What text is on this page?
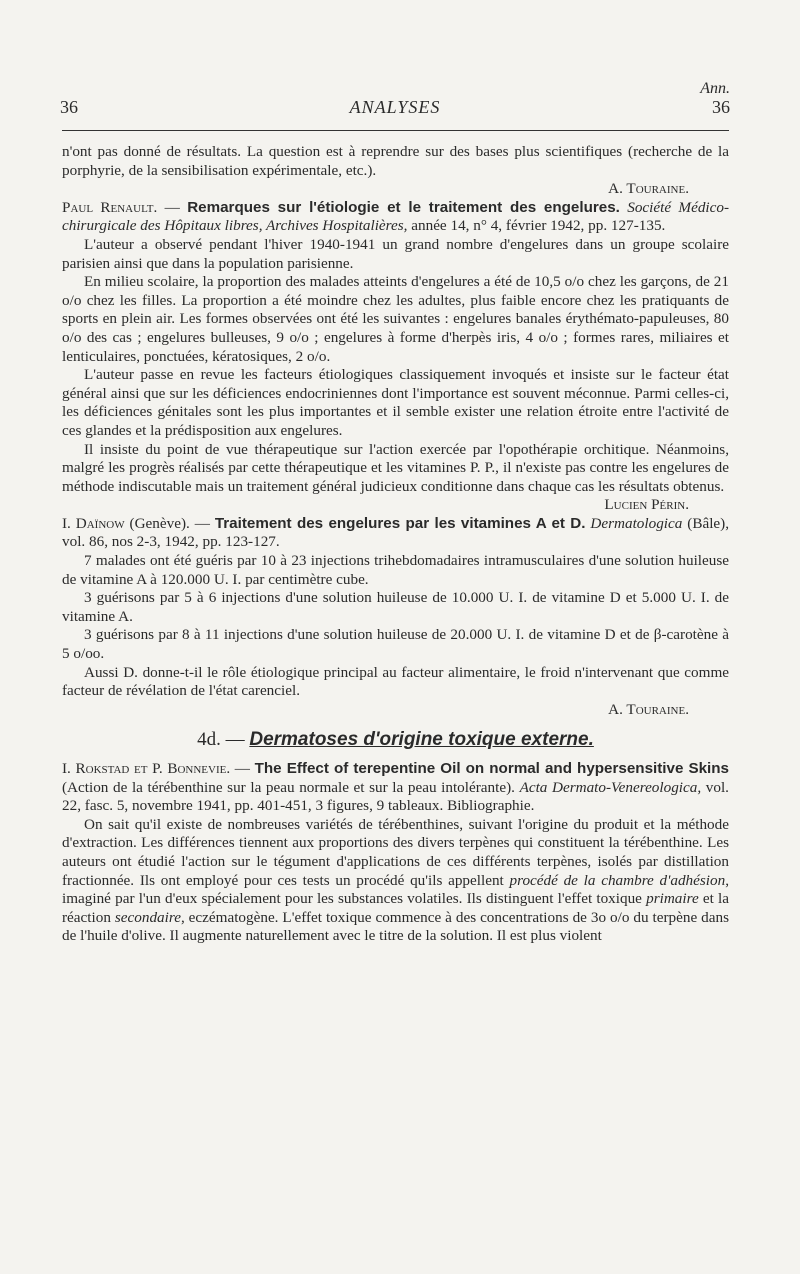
Ann.
36	ANALYSES	36

n'ont pas donné de résultats. La question est à reprendre sur des bases plus scientifiques (recherche de la porphyrie, de la sensibilisation expérimentale, etc.).

A. Touraine.

Paul Renault. — Remarques sur l'étiologie et le traitement des engelures. Société Médico-chirurgicale des Hôpitaux libres, Archives Hospitalières, année 14, n° 4, février 1942, pp. 127-135.

L'auteur a observé pendant l'hiver 1940-1941 un grand nombre d'engelures dans un groupe scolaire parisien ainsi que dans la population parisienne.

En milieu scolaire, la proportion des malades atteints d'engelures a été de 10,5 o/o chez les garçons, de 21 o/o chez les filles. La proportion a été moindre chez les adultes, plus faible encore chez les pratiquants de sports en plein air. Les formes observées ont été les suivantes : engelures banales érythémato-papuleuses, 80 o/o des cas ; engelures bulleuses, 9 o/o ; engelures à forme d'herpès iris, 4 o/o ; formes rares, miliaires et lenticulaires, ponctuées, kératosiques, 2 o/o.

L'auteur passe en revue les facteurs étiologiques classiquement invoqués et insiste sur le facteur état général ainsi que sur les déficiences endocriniennes dont l'importance est souvent méconnue. Parmi celles-ci, les déficiences génitales sont les plus importantes et il semble exister une relation étroite entre l'activité de ces glandes et la prédisposition aux engelures.

Il insiste du point de vue thérapeutique sur l'action exercée par l'opothérapie orchitique. Néanmoins, malgré les progrès réalisés par cette thérapeutique et les vitamines P. P., il n'existe pas contre les engelures de méthode indiscutable mais un traitement général judicieux conditionne dans chaque cas les résultats obtenus.

Lucien Périn.

I. Daïnow (Genève). — Traitement des engelures par les vitamines A et D. Dermatologica (Bâle), vol. 86, nos 2-3, 1942, pp. 123-127.

7 malades ont été guéris par 10 à 23 injections trihebdomadaires intramusculaires d'une solution huileuse de vitamine A à 120.000 U. I. par centimètre cube.

3 guérisons par 5 à 6 injections d'une solution huileuse de 10.000 U. I. de vitamine D et 5.000 U. I. de vitamine A.

3 guérisons par 8 à 11 injections d'une solution huileuse de 20.000 U. I. de vitamine D et de β-carotène à 5 o/oo.

Aussi D. donne-t-il le rôle étiologique principal au facteur alimentaire, le froid n'intervenant que comme facteur de révélation de l'état carenciel.

A. Touraine.

4d. — Dermatoses d'origine toxique externe.

I. Rokstad et P. Bonnevie. — The Effect of terepentine Oil on normal and hypersensitive Skins (Action de la térébenthine sur la peau normale et sur la peau intolérante). Acta Dermato-Venereologica, vol. 22, fasc. 5, novembre 1941, pp. 401-451, 3 figures, 9 tableaux. Bibliographie.

On sait qu'il existe de nombreuses variétés de térébenthines, suivant l'origine du produit et la méthode d'extraction. Les différences tiennent aux proportions des divers terpènes qui constituent la térébenthine. Les auteurs ont étudié l'action sur le tégument d'applications de ces différents terpènes, isolés par distillation fractionnée. Ils ont employé pour ces tests un procédé qu'ils appellent procédé de la chambre d'adhésion, imaginé par l'un d'eux spécialement pour les substances volatiles. Ils distinguent l'effet toxique primaire et la réaction secondaire, eczématogène. L'effet toxique commence à des concentrations de 3o o/o du terpène dans de l'huile d'olive. Il augmente naturellement avec le titre de la solution. Il est plus violent
